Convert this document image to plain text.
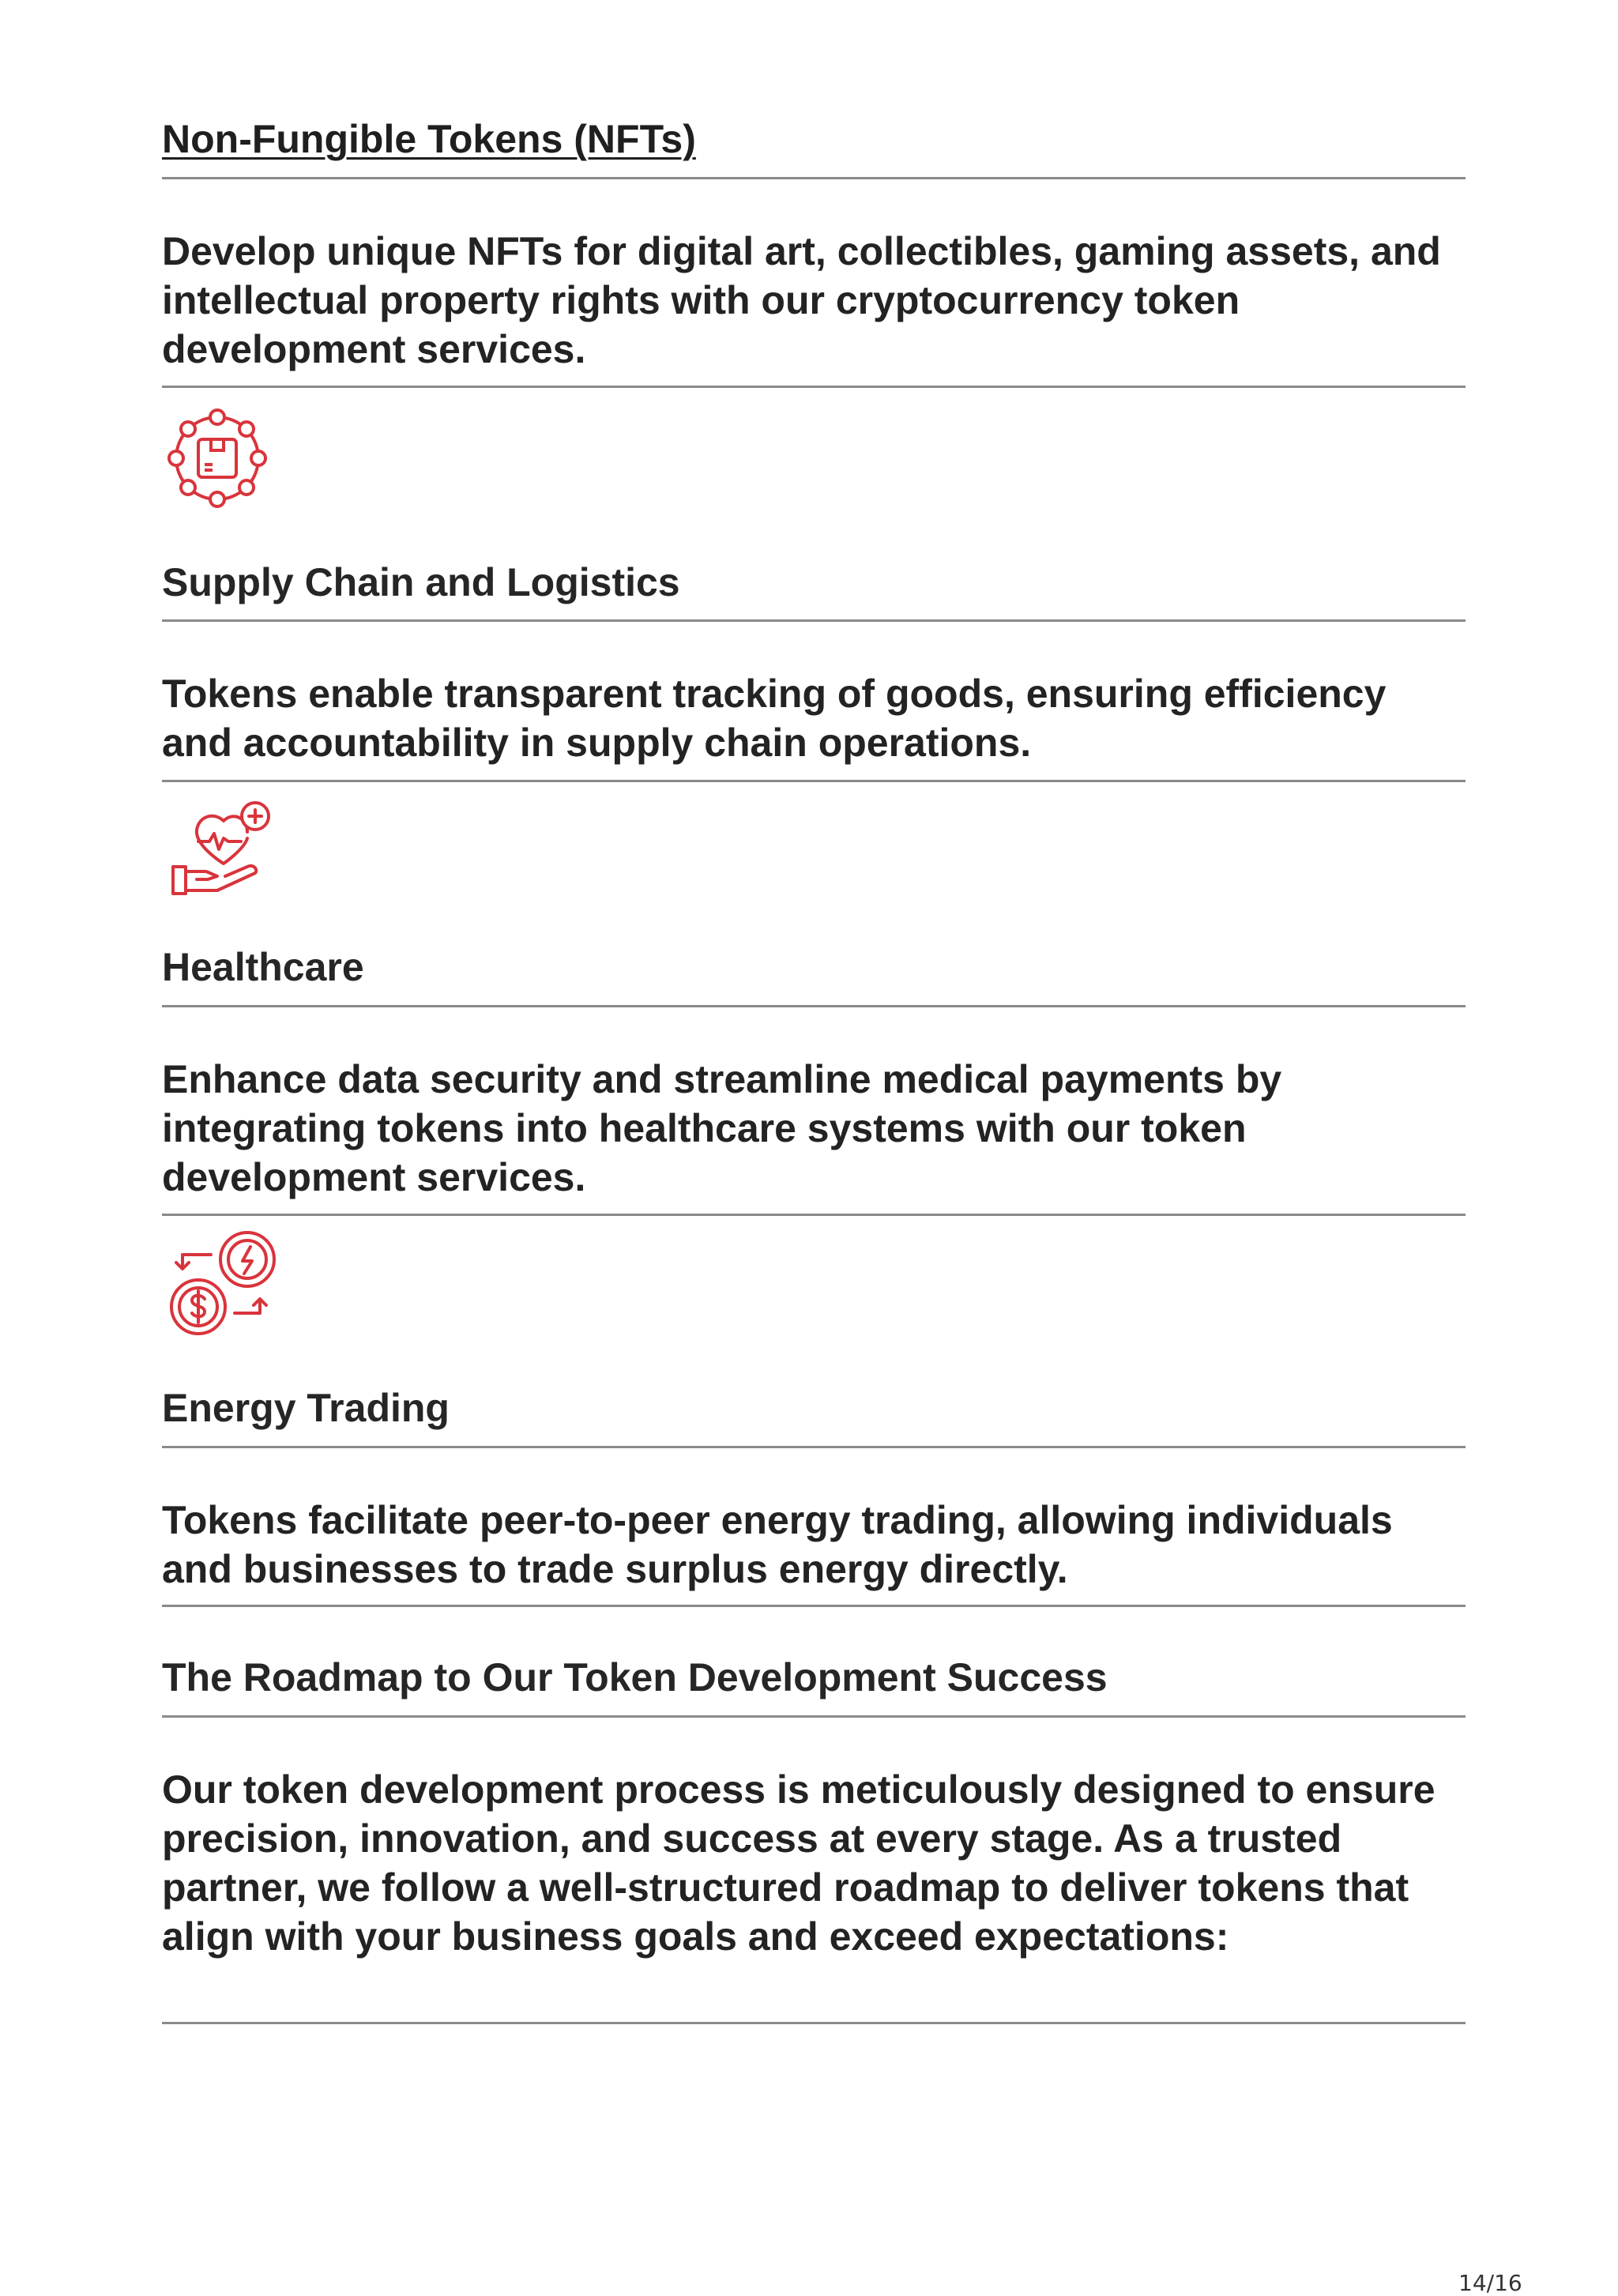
Non-Fungible Tokens (NFTs)
Develop unique NFTs for digital art, collectibles, gaming assets, and intellectual property rights with our cryptocurrency token development services.
Supply Chain and Logistics
Tokens enable transparent tracking of goods, ensuring efficiency and accountability in supply chain operations.
Healthcare
Enhance data security and streamline medical payments by integrating tokens into healthcare systems with our token development services.
Energy Trading
Tokens facilitate peer-to-peer energy trading, allowing individuals and businesses to trade surplus energy directly.
The Roadmap to Our Token Development Success
Our token development process is meticulously designed to ensure precision, innovation, and success at every stage. As a trusted partner, we follow a well-structured roadmap to deliver tokens that align with your business goals and exceed expectations:
14/16
